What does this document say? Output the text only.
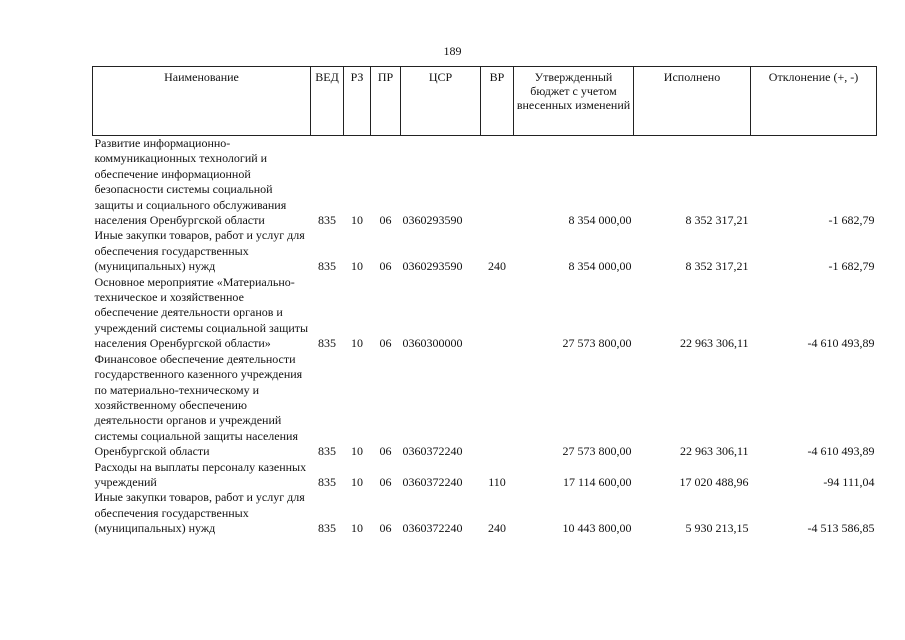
189
Наименование	ВЕД	РЗ	ПР	ЦСР	ВР	Утвержденный бюджет с учетом внесенных изменений	Исполнено	Отклонение (+, -)
Развитие информационно-коммуникационных технологий и обеспечение информационной безопасности системы социальной защиты и социального обслуживания населения Оренбургской области	835	10	06	0360293590		8 354 000,00	8 352 317,21	-1 682,79
Иные закупки товаров, работ и услуг для обеспечения государственных (муниципальных) нужд	835	10	06	0360293590	240	8 354 000,00	8 352 317,21	-1 682,79
Основное мероприятие «Материально-техническое и хозяйственное обеспечение деятельности органов и учреждений системы социальной защиты населения Оренбургской области»	835	10	06	0360300000		27 573 800,00	22 963 306,11	-4 610 493,89
Финансовое обеспечение деятельности государственного казенного учреждения по материально-техническому и хозяйственному обеспечению деятельности органов и учреждений системы социальной защиты населения Оренбургской области	835	10	06	0360372240		27 573 800,00	22 963 306,11	-4 610 493,89
Расходы на выплаты персоналу казенных учреждений	835	10	06	0360372240	110	17 114 600,00	17 020 488,96	-94 111,04
Иные закупки товаров, работ и услуг для обеспечения государственных (муниципальных) нужд	835	10	06	0360372240	240	10 443 800,00	5 930 213,15	-4 513 586,85
